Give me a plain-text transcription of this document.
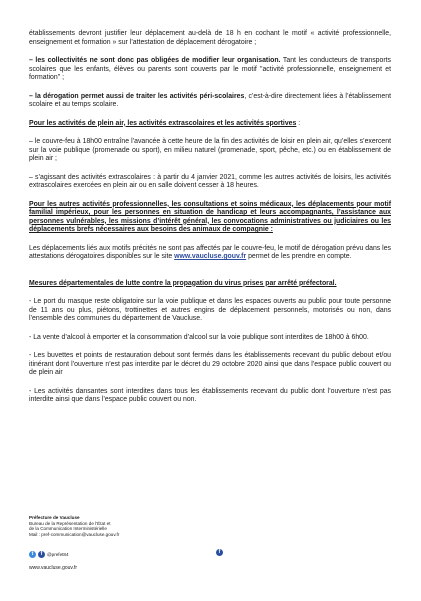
établissements devront justifier leur déplacement au-delà de 18 h en cochant le motif « activité professionnelle, enseignement et formation » sur l’attestation de déplacement dérogatoire ;

– les collectivités ne sont donc pas obligées de modifier leur organisation. Tant les conducteurs de transports scolaires que les enfants, élèves ou parents sont couverts par le motif "activité professionnelle, enseignement et formation" ;

– la dérogation permet aussi de traiter les activités péri-scolaires, c’est-à-dire directement liées à l’établissement scolaire et au temps scolaire.

Pour les activités de plein air, les activités extrascolaires et les activités sportives :

– le couvre-feu à 18h00 entraîne l’avancée à cette heure de la fin des activités de loisir en plein air, qu’elles s’exercent sur la voie publique (promenade ou sport), en milieu naturel (promenade, sport, pêche, etc.) ou en établissement de plein air ;

– s’agissant des activités extrascolaires : à partir du 4 janvier 2021, comme les autres activités de loisirs, les activités extrascolaires exercées en plein air ou en salle doivent cesser à 18 heures.

Pour les autres activités professionnelles, les consultations et soins médicaux, les déplacements pour motif familial impérieux, pour les personnes en situation de handicap et leurs accompagnants, l’assistance aux personnes vulnérables, les missions d’intérêt général, les convocations administratives ou judiciaires ou les déplacements brefs nécessaires aux besoins des animaux de compagnie :

Les déplacements liés aux motifs précités ne sont pas affectés par le couvre-feu, le motif de dérogation prévu dans les attestations dérogatoires disponibles sur le site www.vaucluse.gouv.fr permet de les prendre en compte.

Mesures départementales de lutte contre la propagation du virus prises par arrêté préfectoral.

- Le port du masque reste obligatoire sur la voie publique et dans les espaces ouverts au public pour toute personne de 11 ans ou plus, piétons, trottinettes et autres engins de déplacement personnels, motorisés ou non, dans l’ensemble des communes du département de Vaucluse.

- La vente d’alcool à emporter et la consommation d’alcool sur la voie publique sont interdites de 18h00 à 6h00.

- Les buvettes et points de restauration debout sont fermés dans les établissements recevant du public debout et/ou itinérant dont l’ouverture n’est pas interdite par le décret du 29 octobre 2020 ainsi que dans l’espace public couvert ou de plein air

- Les activités dansantes sont interdites dans tous les établissements recevant du public dont l’ouverture n’est pas interdite ainsi que dans l’espace public couvert ou non.

Préfecture de Vaucluse
Bureau de la Représentation de l’État et
de la Communication Interministérielle
Mail : pref-communication@vaucluse.gouv.fr
t	f	@prefet84	f
www.vaucluse.gouv.fr
